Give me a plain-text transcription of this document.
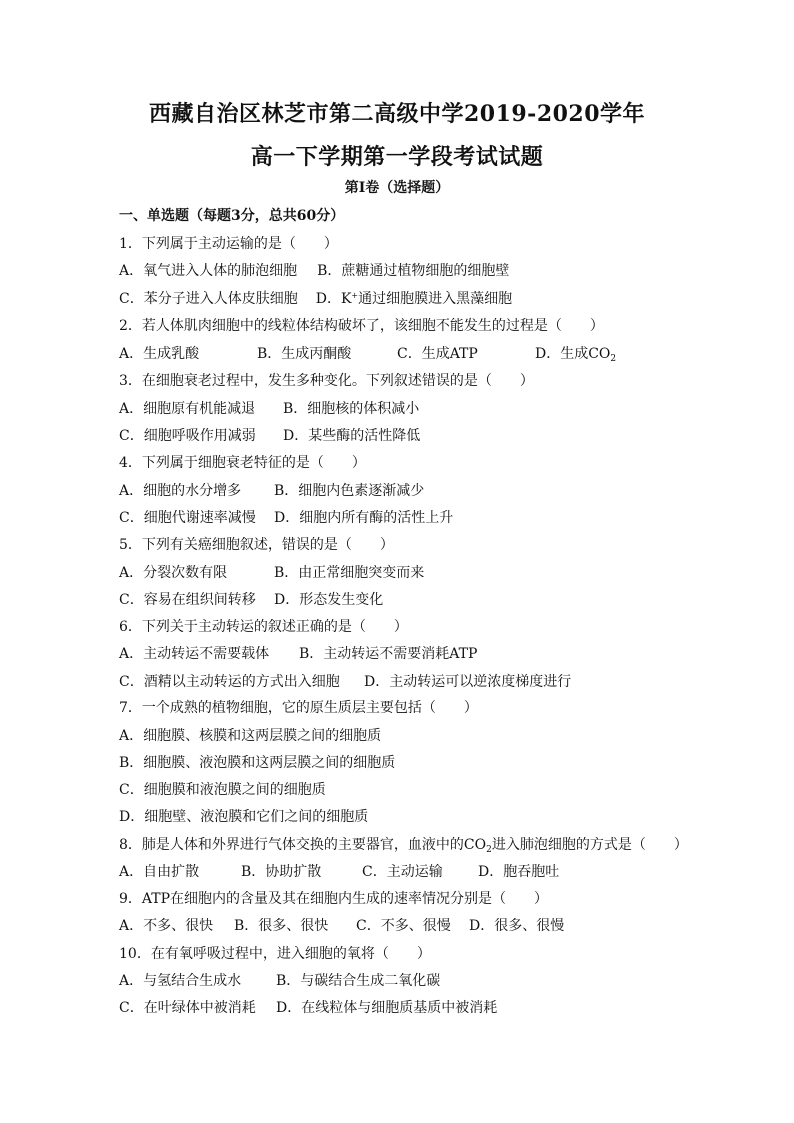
西藏自治区林芝市第二高级中学2019-2020学年
高一下学期第一学段考试试题
第Ⅰ卷（选择题）
一、单选题（每题3分，总共60分）
1．下列属于主动运输的是（　　）
A．氧气进入人体的肺泡细胞 B．蔗糖通过植物细胞的细胞壁
C．苯分子进入人体皮肤细胞 D．K+通过细胞膜进入黑藻细胞
2．若人体肌肉细胞中的线粒体结构破坏了，该细胞不能发生的过程是（　　）
A．生成乳酸	B．生成丙酮酸	C．生成ATP	D．生成$CO_2$
3．在细胞衰老过程中，发生多种变化。下列叙述错误的是（　　）
A．细胞原有机能减退 B．细胞核的体积减小
C．细胞呼吸作用减弱 D．某些酶的活性降低
4．下列属于细胞衰老特征的是（　　）
A．细胞的水分增多 B．细胞内色素逐渐减少
C．细胞代谢速率减慢 D．细胞内所有酶的活性上升
5．下列有关癌细胞叙述，错误的是（　　）
A．分裂次数有限	B．由正常细胞突变而来
C．容易在组织间转移 D．形态发生变化
6．下列关于主动转运的叙述正确的是（　　）
A．主动转运不需要载体 B．主动转运不需要消耗ATP
C．酒精以主动转运的方式出入细胞 D．主动转运可以逆浓度梯度进行
7．一个成熟的植物细胞，它的原生质层主要包括（　　）
A．细胞膜、核膜和这两层膜之间的细胞质
B．细胞膜、液泡膜和这两层膜之间的细胞质
C．细胞膜和液泡膜之间的细胞质
D．细胞壁、液泡膜和它们之间的细胞质
8．肺是人体和外界进行气体交换的主要器官，血液中的$CO_2$进入肺泡细胞的方式是（　　）
A．自由扩散	B．协助扩散	C．主动运输	D．胞吞胞吐
9．ATP在细胞内的含量及其在细胞内生成的速率情况分别是（　　）
A．不多、很快 B．很多、很快 C．不多、很慢 D．很多、很慢
10．在有氧呼吸过程中，进入细胞的氧将（　　）
A．与氢结合生成水 B．与碳结合生成二氧化碳
C．在叶绿体中被消耗 D．在线粒体与细胞质基质中被消耗
